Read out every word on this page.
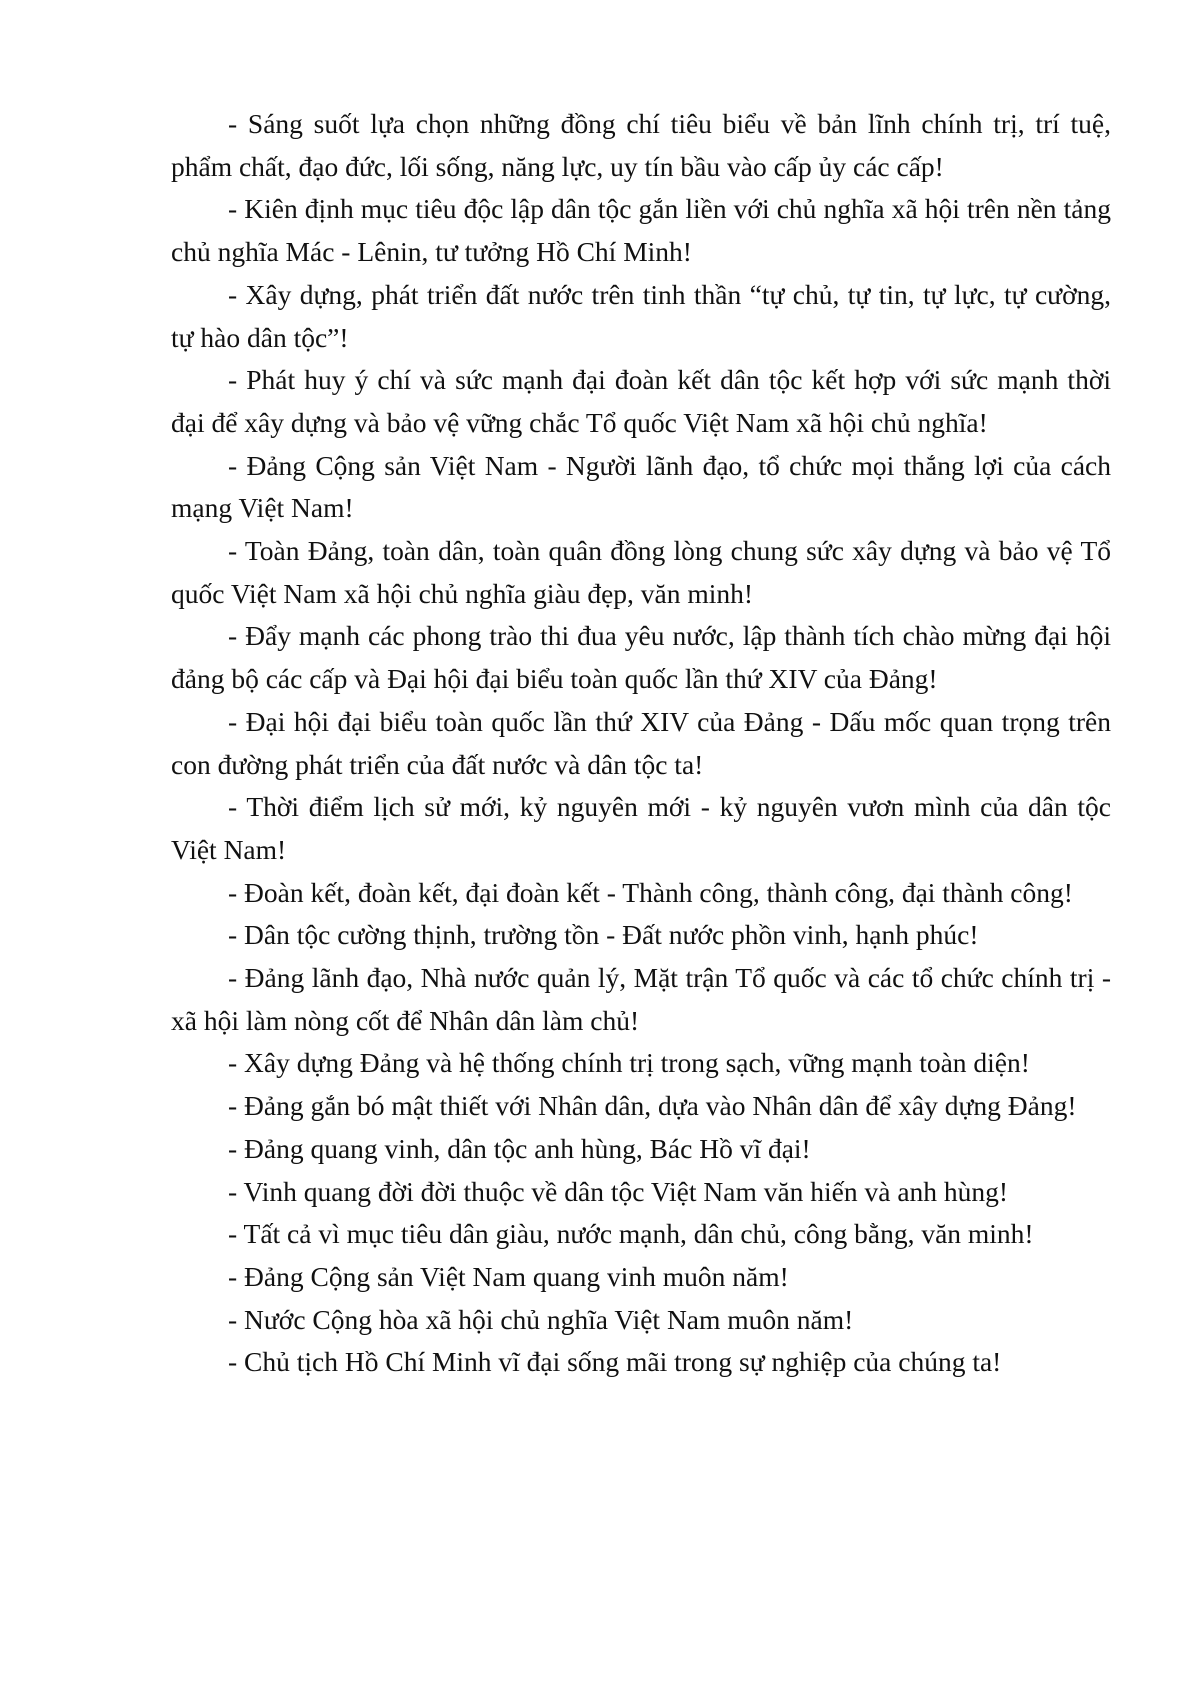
- Sáng suốt lựa chọn những đồng chí tiêu biểu về bản lĩnh chính trị, trí tuệ, phẩm chất, đạo đức, lối sống, năng lực, uy tín bầu vào cấp ủy các cấp!

- Kiên định mục tiêu độc lập dân tộc gắn liền với chủ nghĩa xã hội trên nền tảng chủ nghĩa Mác - Lênin, tư tưởng Hồ Chí Minh!

- Xây dựng, phát triển đất nước trên tinh thần “tự chủ, tự tin, tự lực, tự cường, tự hào dân tộc”!

- Phát huy ý chí và sức mạnh đại đoàn kết dân tộc kết hợp với sức mạnh thời đại để xây dựng và bảo vệ vững chắc Tổ quốc Việt Nam xã hội chủ nghĩa!

- Đảng Cộng sản Việt Nam - Người lãnh đạo, tổ chức mọi thắng lợi của cách mạng Việt Nam!

- Toàn Đảng, toàn dân, toàn quân đồng lòng chung sức xây dựng và bảo vệ Tổ quốc Việt Nam xã hội chủ nghĩa giàu đẹp, văn minh!

- Đẩy mạnh các phong trào thi đua yêu nước, lập thành tích chào mừng đại hội đảng bộ các cấp và Đại hội đại biểu toàn quốc lần thứ XIV của Đảng!

- Đại hội đại biểu toàn quốc lần thứ XIV của Đảng - Dấu mốc quan trọng trên con đường phát triển của đất nước và dân tộc ta!

- Thời điểm lịch sử mới, kỷ nguyên mới - kỷ nguyên vươn mình của dân tộc Việt Nam!

- Đoàn kết, đoàn kết, đại đoàn kết - Thành công, thành công, đại thành công!

- Dân tộc cường thịnh, trường tồn - Đất nước phồn vinh, hạnh phúc!

- Đảng lãnh đạo, Nhà nước quản lý, Mặt trận Tổ quốc và các tổ chức chính trị - xã hội làm nòng cốt để Nhân dân làm chủ!

- Xây dựng Đảng và hệ thống chính trị trong sạch, vững mạnh toàn diện!

- Đảng gắn bó mật thiết với Nhân dân, dựa vào Nhân dân để xây dựng Đảng!

- Đảng quang vinh, dân tộc anh hùng, Bác Hồ vĩ đại!

- Vinh quang đời đời thuộc về dân tộc Việt Nam văn hiến và anh hùng!

- Tất cả vì mục tiêu dân giàu, nước mạnh, dân chủ, công bằng, văn minh!

- Đảng Cộng sản Việt Nam quang vinh muôn năm!

- Nước Cộng hòa xã hội chủ nghĩa Việt Nam muôn năm!

- Chủ tịch Hồ Chí Minh vĩ đại sống mãi trong sự nghiệp của chúng ta!
